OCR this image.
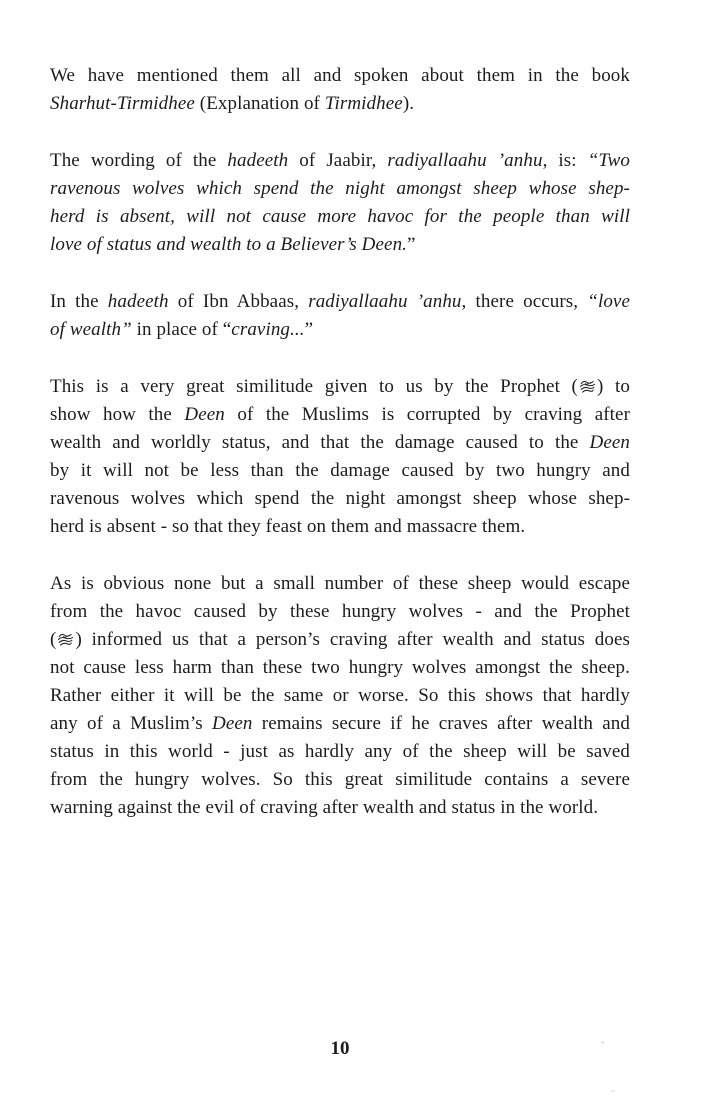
We have mentioned them all and spoken about them in the book
Sharhut-Tirmidhee (Explanation of Tirmidhee).
The wording of the hadeeth of Jaabir, radiyallaahu ’anhu, is: “Two
ravenous wolves which spend the night amongst sheep whose shep-
herd is absent, will not cause more havoc for the people than will
love of status and wealth to a Believer’s Deen.”
In the hadeeth of Ibn Abbaas, radiyallaahu ’anhu, there occurs, “love
of wealth” in place of “craving...”
This is a very great similitude given to us by the Prophet ( ) to
show how the Deen of the Muslims is corrupted by craving after
wealth and worldly status, and that the damage caused to the Deen
by it will not be less than the damage caused by two hungry and
ravenous wolves which spend the night amongst sheep whose shep-
herd is absent - so that they feast on them and massacre them.
As is obvious none but a small number of these sheep would escape
from the havoc caused by these hungry wolves - and the Prophet
( ) informed us that a person’s craving after wealth and status does
not cause less harm than these two hungry wolves amongst the sheep.
Rather either it will be the same or worse. So this shows that hardly
any of a Muslim’s Deen remains secure if he craves after wealth and
status in this world - just as hardly any of the sheep will be saved
from the hungry wolves. So this great similitude contains a severe
warning against the evil of craving after wealth and status in the world.
10
